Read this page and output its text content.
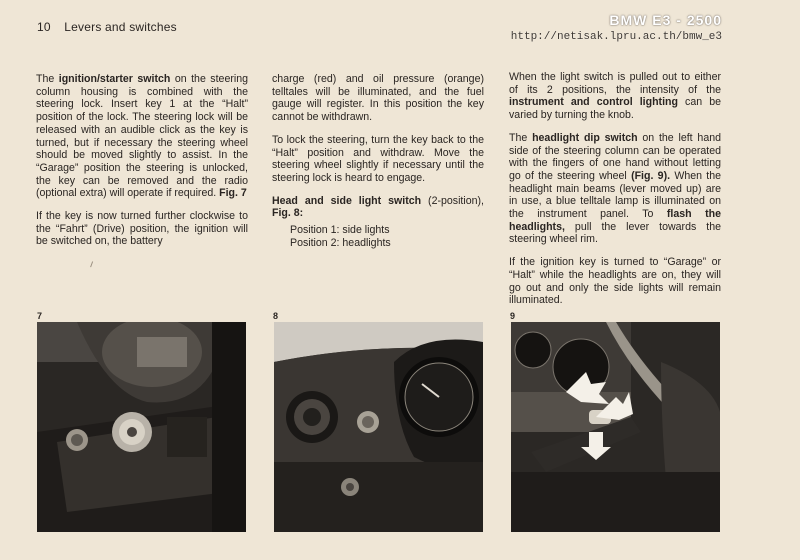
10 Levers and switches	BMW E3 - 2500
http://netisak.lpru.ac.th/bmw_e3

The ignition/starter switch on the steering column housing is combined with the steering lock. Insert key 1 at the “Halt” position of the lock. The steering lock will be released with an audible click as the key is turned, but if necessary the steering wheel should be moved slightly to assist. In the “Garage” position the steering is unlocked, the key can be removed and the radio (optional extra) will operate if required. Fig. 7

If the key is now turned further clockwise to the “Fahrt” (Drive) position, the ignition will be switched on, the battery

charge (red) and oil pressure (orange) telltales will be illuminated, and the fuel gauge will register. In this position the key cannot be withdrawn.

To lock the steering, turn the key back to the “Halt” position and withdraw. Move the steering wheel slightly if necessary until the steering lock is heard to engage.

Head and side light switch (2-position), Fig. 8:

Position 1: side lights
Position 2: headlights

When the light switch is pulled out to either of its 2 positions, the intensity of the instrument and control lighting can be varied by turning the knob.

The headlight dip switch on the left hand side of the steering column can be operated with the fingers of one hand without letting go of the steering wheel (Fig. 9). When the headlight main beams (lever moved up) are in use, a blue telltale lamp is illuminated on the instrument panel. To flash the headlights, pull the lever towards the steering wheel rim.

If the ignition key is turned to “Garage” or “Halt” while the headlights are on, they will go out and only the side lights will remain illuminated.

7	8	9
